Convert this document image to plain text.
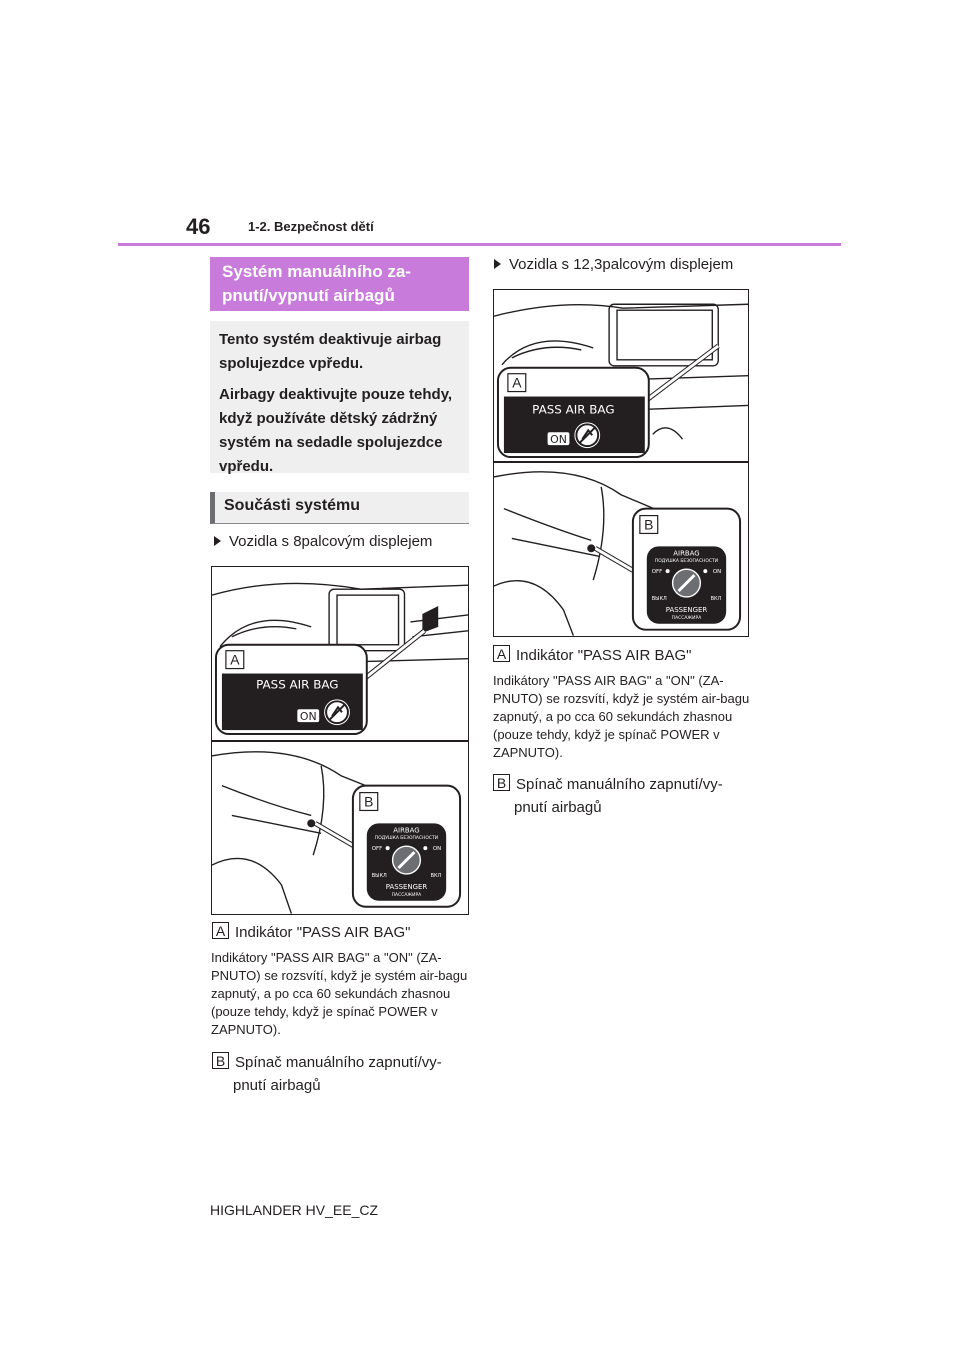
46	1-2. Bezpečnost dětí
Systém manuálního za-
pnutí/vypnutí airbagů

Tento systém deaktivuje airbag spolujezdce vpředu.

Airbagy deaktivujte pouze tehdy, když používáte dětský zádržný systém na sedadle spolujezdce vpředu.

Součásti systému
Vozidla s 8palcovým displejem
A
PASS AIR BAG
ON
B
AIRBAG
ПОДУШКА БЕЗОПАСНОСТИ
OFF	ON
ВЫКЛ	ВКЛ
PASSENGER
ПАССАЖИРА
A Indikátor "PASS AIR BAG"
Indikátory "PASS AIR BAG" a "ON" (ZA-PNUTO) se rozsvítí, když je systém air-bagu zapnutý, a po cca 60 sekundách zhasnou (pouze tehdy, když je spínač POWER v ZAPNUTO).
B Spínač manuálního zapnutí/vy-
pnutí airbagů
Vozidla s 12,3palcovým displejem
A
PASS AIR BAG
ON
B
AIRBAG
ПОДУШКА БЕЗОПАСНОСТИ
OFF	ON
ВЫКЛ	ВКЛ
PASSENGER
ПАССАЖИРА
A Indikátor "PASS AIR BAG"
Indikátory "PASS AIR BAG" a "ON" (ZA-PNUTO) se rozsvítí, když je systém air-bagu zapnutý, a po cca 60 sekundách zhasnou (pouze tehdy, když je spínač POWER v ZAPNUTO).
B Spínač manuálního zapnutí/vy-
pnutí airbagů
HIGHLANDER HV_EE_CZ
